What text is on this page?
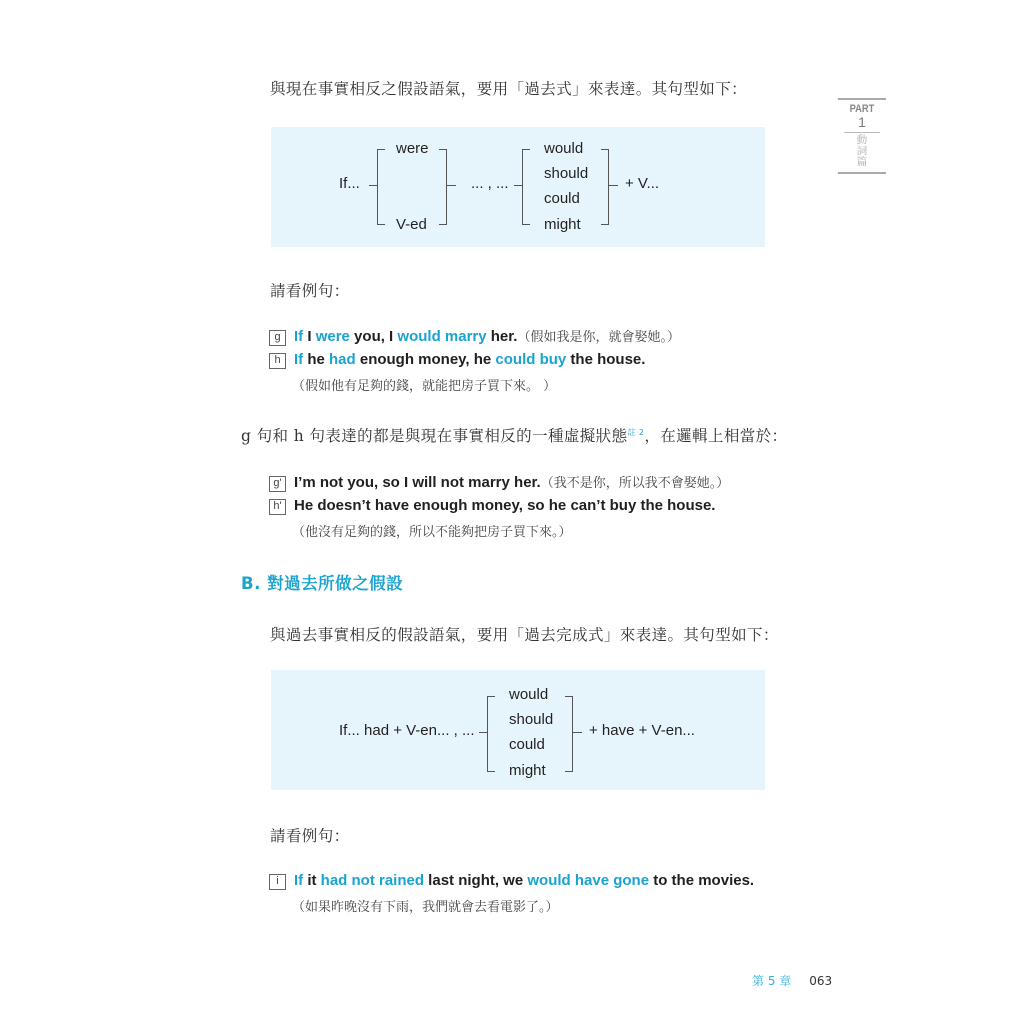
PART
1
動
詞
篇
與現在事實相反之假設語氣，要用「過去式」來表達。其句型如下：
If...
were
V-ed
... , ...
would
should
could
might
+ V...
請看例句：
g If I were you, I would marry her.（假如我是你，就會娶她。）
h If he had enough money, he could buy the house.
（假如他有足夠的錢，就能把房子買下來。 ）
g 句和 h 句表達的都是與現在事實相反的一種虛擬狀態$^{註 2}$，在邏輯上相當於：
g' I’m not you, so I will not marry her.（我不是你，所以我不會娶她。）
h' He doesn’t have enough money, so he can’t buy the house.
（他沒有足夠的錢，所以不能夠把房子買下來。）
B. 對過去所做之假設
與過去事實相反的假設語氣，要用「過去完成式」來表達。其句型如下：
If... had + V-en... , ...
would
should
could
might
+ have + V-en...
請看例句：
i If it had not rained last night, we would have gone to the movies.
（如果昨晚沒有下雨，我們就會去看電影了。）
第 5 章 063
